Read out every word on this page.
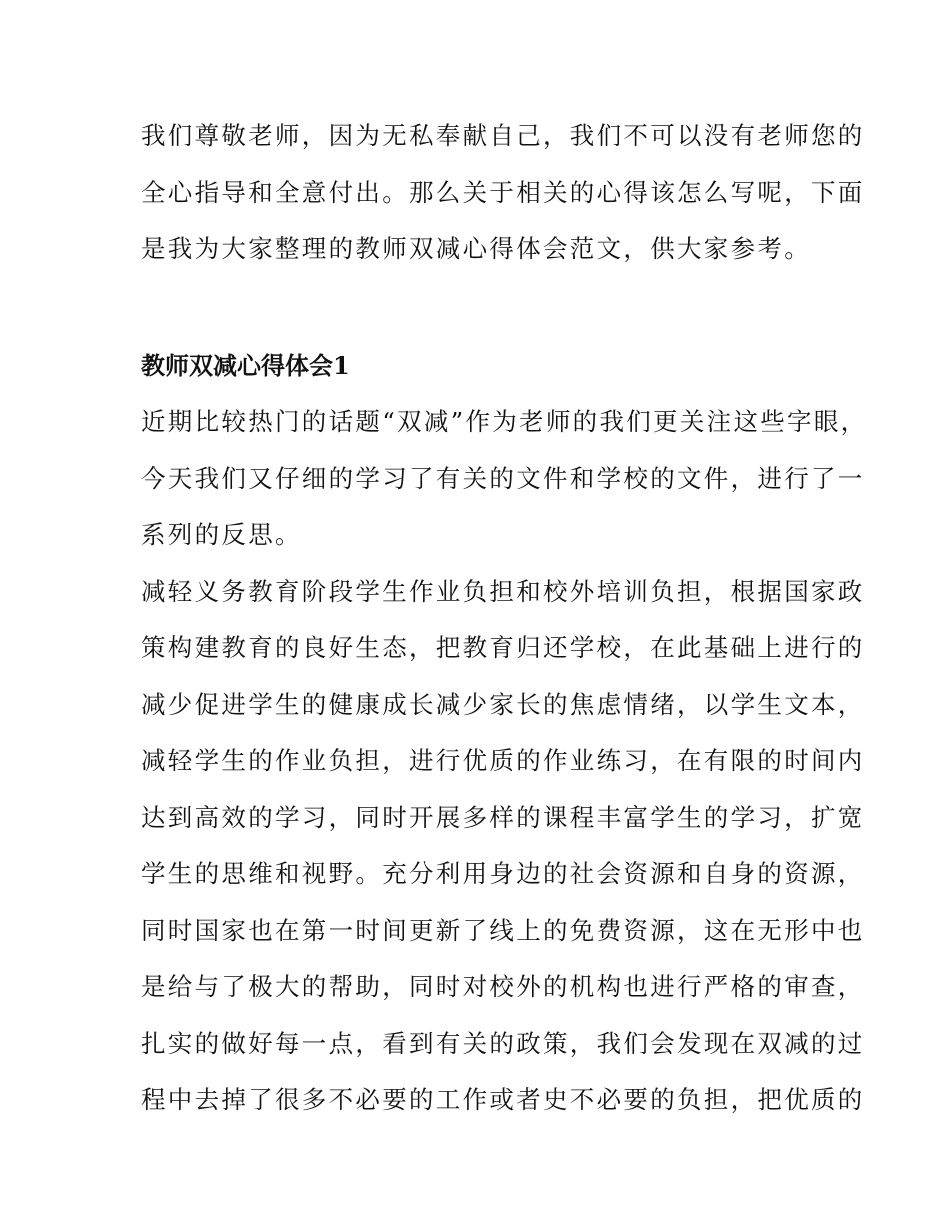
我们尊敬老师，因为无私奉献自己，我们不可以没有老师您的
全心指导和全意付出。那么关于相关的心得该怎么写呢，下面
是我为大家整理的教师双减心得体会范文，供大家参考。
教师双减心得体会1
近期比较热门的话题“双减”作为老师的我们更关注这些字眼，
今天我们又仔细的学习了有关的文件和学校的文件，进行了一
系列的反思。
减轻义务教育阶段学生作业负担和校外培训负担，根据国家政
策构建教育的良好生态，把教育归还学校，在此基础上进行的
减少促进学生的健康成长减少家长的焦虑情绪，以学生文本，
减轻学生的作业负担，进行优质的作业练习，在有限的时间内
达到高效的学习，同时开展多样的课程丰富学生的学习，扩宽
学生的思维和视野。充分利用身边的社会资源和自身的资源，
同时国家也在第一时间更新了线上的免费资源，这在无形中也
是给与了极大的帮助，同时对校外的机构也进行严格的审查，
扎实的做好每一点，看到有关的政策，我们会发现在双减的过
程中去掉了很多不必要的工作或者史不必要的负担，把优质的
